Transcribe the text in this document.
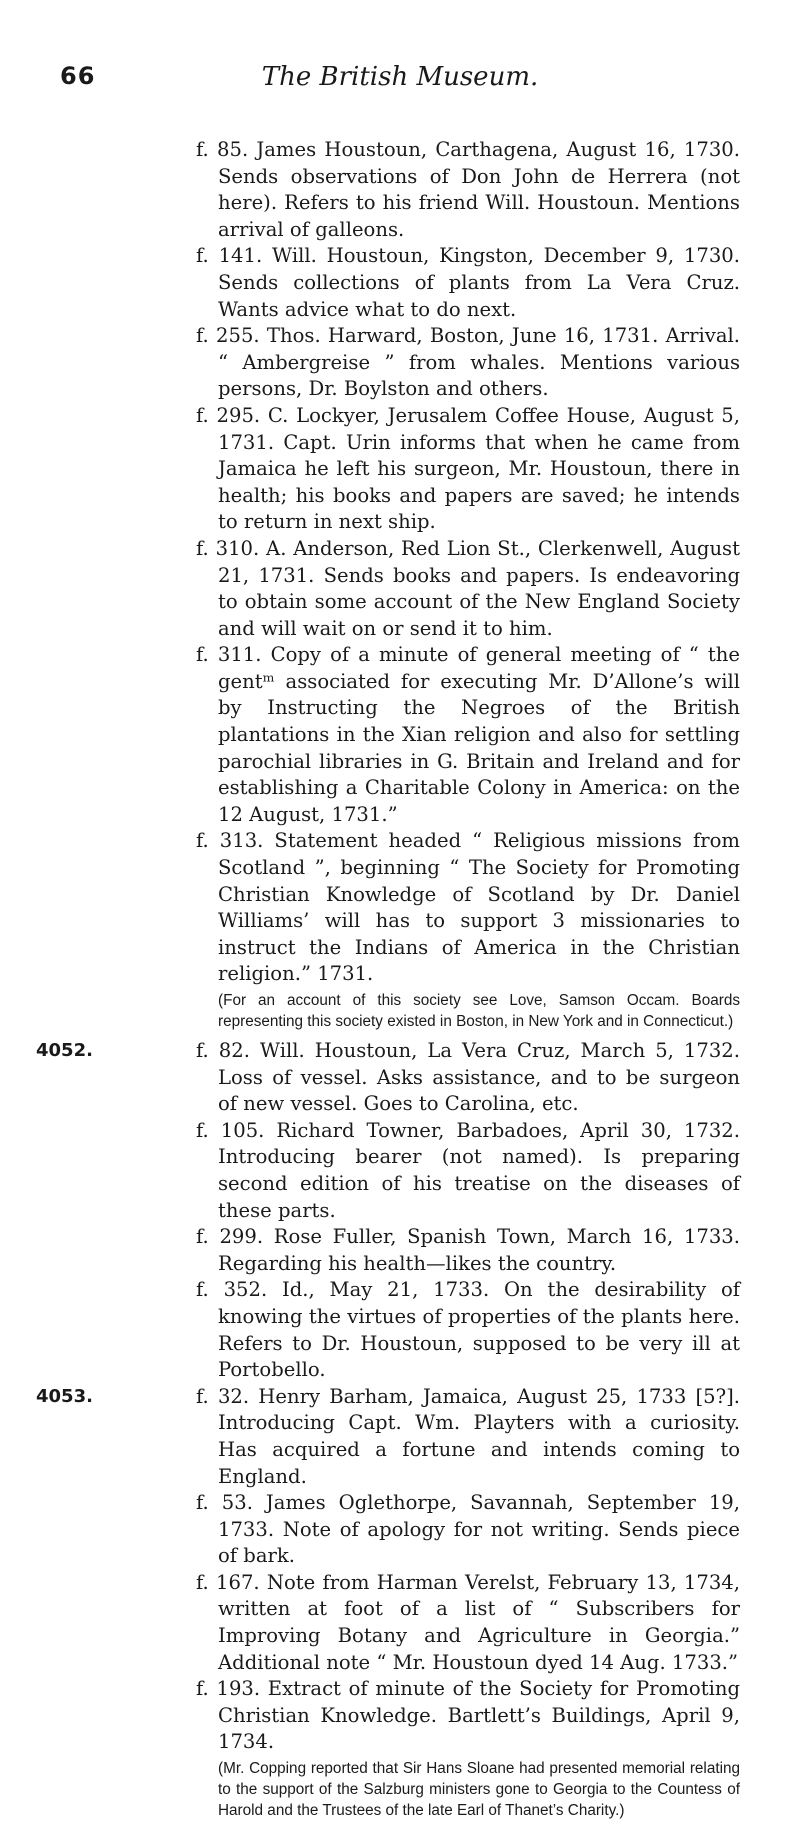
66	The British Museum.
f. 85. James Houstoun, Carthagena, August 16, 1730. Sends observations of Don John de Herrera (not here). Refers to his friend Will. Houstoun. Mentions arrival of galleons.
f. 141. Will. Houstoun, Kingston, December 9, 1730. Sends collections of plants from La Vera Cruz. Wants advice what to do next.
f. 255. Thos. Harward, Boston, June 16, 1731. Arrival. “ Ambergreise ” from whales. Mentions various persons, Dr. Boylston and others.
f. 295. C. Lockyer, Jerusalem Coffee House, August 5, 1731. Capt. Urin informs that when he came from Jamaica he left his surgeon, Mr. Houstoun, there in health; his books and papers are saved; he intends to return in next ship.
f. 310. A. Anderson, Red Lion St., Clerkenwell, August 21, 1731. Sends books and papers. Is endeavoring to obtain some account of the New England Society and will wait on or send it to him.
f. 311. Copy of a minute of general meeting of “ the gentᵐ associated for executing Mr. D’Allone’s will by Instructing the Negroes of the British plantations in the Xian religion and also for settling parochial libraries in G. Britain and Ireland and for establishing a Charitable Colony in America: on the 12 August, 1731.”
f. 313. Statement headed “ Religious missions from Scotland ”, beginning “ The Society for Promoting Christian Knowledge of Scotland by Dr. Daniel Williams’ will has to support 3 missionaries to instruct the Indians of America in the Christian religion.” 1731.
(For an account of this society see Love, Samson Occam. Boards representing this society existed in Boston, in New York and in Connecticut.)
4052.	f. 82. Will. Houstoun, La Vera Cruz, March 5, 1732. Loss of vessel. Asks assistance, and to be surgeon of new vessel. Goes to Carolina, etc.
f. 105. Richard Towner, Barbadoes, April 30, 1732. Introducing bearer (not named). Is preparing second edition of his treatise on the diseases of these parts.
f. 299. Rose Fuller, Spanish Town, March 16, 1733. Regarding his health—likes the country.
f. 352. Id., May 21, 1733. On the desirability of knowing the virtues of properties of the plants here. Refers to Dr. Houstoun, supposed to be very ill at Portobello.
4053.	f. 32. Henry Barham, Jamaica, August 25, 1733 [5?]. Introducing Capt. Wm. Playters with a curiosity. Has acquired a fortune and intends coming to England.
f. 53. James Oglethorpe, Savannah, September 19, 1733. Note of apology for not writing. Sends piece of bark.
f. 167. Note from Harman Verelst, February 13, 1734, written at foot of a list of “ Subscribers for Improving Botany and Agriculture in Georgia.” Additional note “ Mr. Houstoun dyed 14 Aug. 1733.”
f. 193. Extract of minute of the Society for Promoting Christian Knowledge. Bartlett’s Buildings, April 9, 1734.
(Mr. Copping reported that Sir Hans Sloane had presented memorial relating to the support of the Salzburg ministers gone to Georgia to the Countess of Harold and the Trustees of the late Earl of Thanet’s Charity.)
